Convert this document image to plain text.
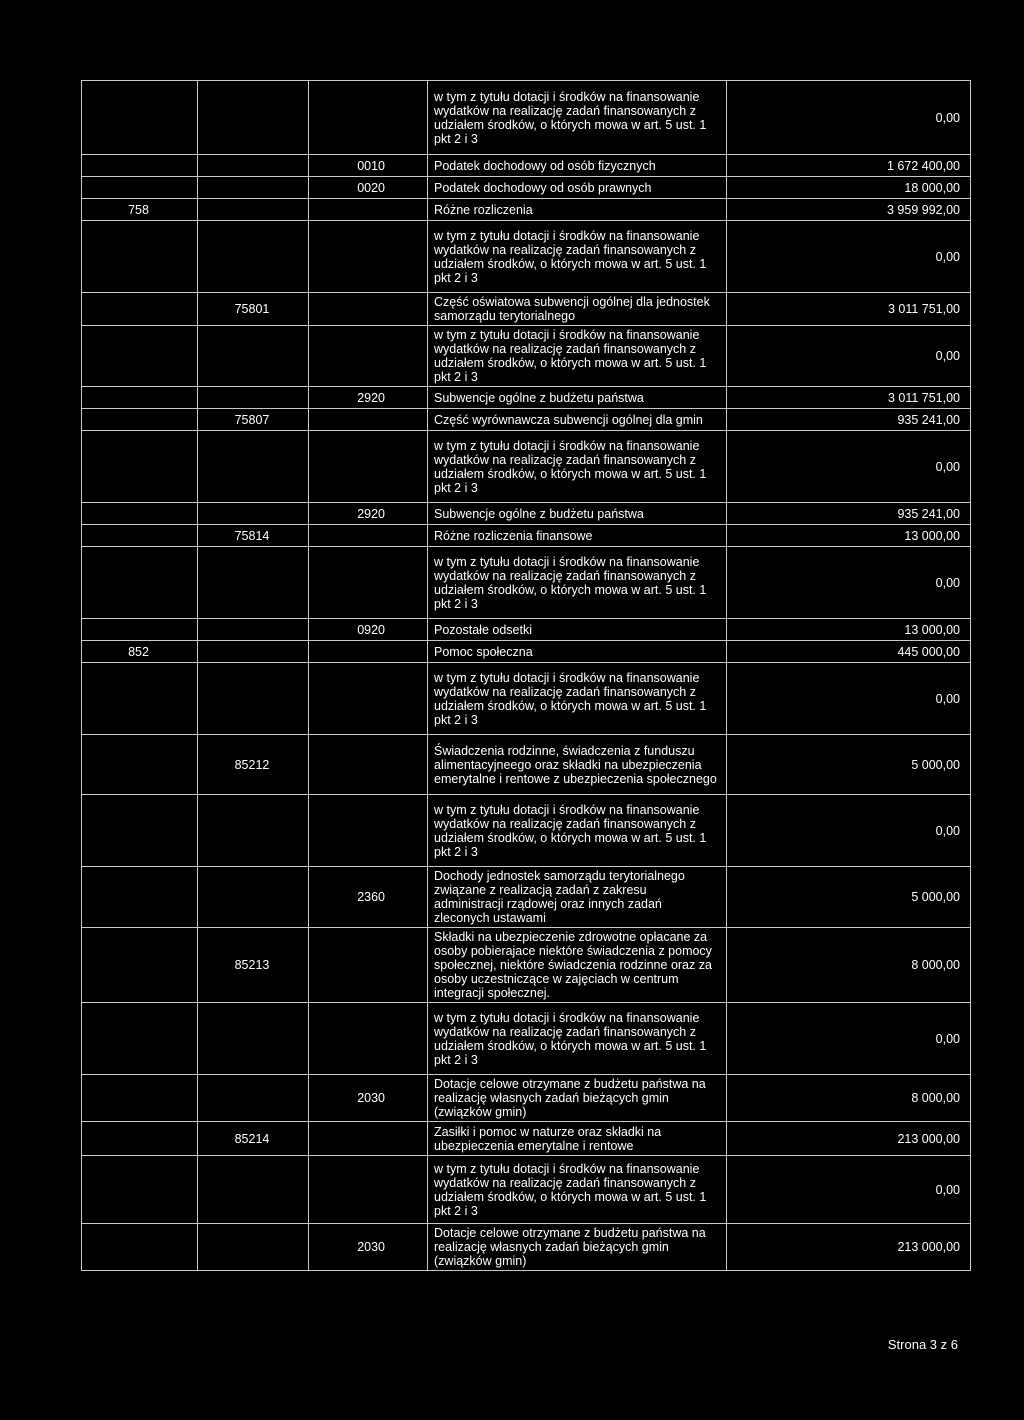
			w tym z tytułu dotacji i środków na finansowanie wydatków na realizację zadań finansowanych z udziałem środków, o których mowa w art. 5 ust. 1 pkt 2 i 3	0,00
		0010	Podatek dochodowy od osób fizycznych	1 672 400,00
		0020	Podatek dochodowy od osób prawnych	18 000,00
758			Różne rozliczenia	3 959 992,00
			w tym z tytułu dotacji i środków na finansowanie wydatków na realizację zadań finansowanych z udziałem środków, o których mowa w art. 5 ust. 1 pkt 2 i 3	0,00
	75801		Część oświatowa subwencji ogólnej dla jednostek samorządu terytorialnego	3 011 751,00
			w tym z tytułu dotacji i środków na finansowanie wydatków na realizację zadań finansowanych z udziałem środków, o których mowa w art. 5 ust. 1 pkt 2 i 3	0,00
		2920	Subwencje ogólne z budżetu państwa	3 011 751,00
	75807		Część wyrównawcza subwencji ogólnej dla gmin	935 241,00
			w tym z tytułu dotacji i środków na finansowanie wydatków na realizację zadań finansowanych z udziałem środków, o których mowa w art. 5 ust. 1 pkt 2 i 3	0,00
		2920	Subwencje ogólne z budżetu państwa	935 241,00
	75814		Różne rozliczenia finansowe	13 000,00
			w tym z tytułu dotacji i środków na finansowanie wydatków na realizację zadań finansowanych z udziałem środków, o których mowa w art. 5 ust. 1 pkt 2 i 3	0,00
		0920	Pozostałe odsetki	13 000,00
852			Pomoc społeczna	445 000,00
			w tym z tytułu dotacji i środków na finansowanie wydatków na realizację zadań finansowanych z udziałem środków, o których mowa w art. 5 ust. 1 pkt 2 i 3	0,00
	85212		Świadczenia rodzinne, świadczenia z funduszu alimentacyjneego oraz składki na ubezpieczenia emerytalne i rentowe z ubezpieczenia społecznego	5 000,00
			w tym z tytułu dotacji i środków na finansowanie wydatków na realizację zadań finansowanych z udziałem środków, o których mowa w art. 5 ust. 1 pkt 2 i 3	0,00
		2360	Dochody jednostek samorządu terytorialnego związane z realizacją zadań z zakresu administracji rządowej oraz innych zadań zleconych ustawami	5 000,00
	85213		Składki na ubezpieczenie zdrowotne opłacane za osoby pobierajace niektóre świadczenia z pomocy społecznej, niektóre świadczenia rodzinne oraz za osoby uczestniczące w zajęciach w centrum integracji społecznej.	8 000,00
			w tym z tytułu dotacji i środków na finansowanie wydatków na realizację zadań finansowanych z udziałem środków, o których mowa w art. 5 ust. 1 pkt 2 i 3	0,00
		2030	Dotacje celowe otrzymane z budżetu państwa na realizację własnych zadań bieżących gmin (związków gmin)	8 000,00
	85214		Zasiłki i pomoc w naturze oraz składki na ubezpieczenia emerytalne i rentowe	213 000,00
			w tym z tytułu dotacji i środków na finansowanie wydatków na realizację zadań finansowanych z udziałem środków, o których mowa w art. 5 ust. 1 pkt 2 i 3	0,00
		2030	Dotacje celowe otrzymane z budżetu państwa na realizację własnych zadań bieżących gmin (związków gmin)	213 000,00
Strona 3 z 6
